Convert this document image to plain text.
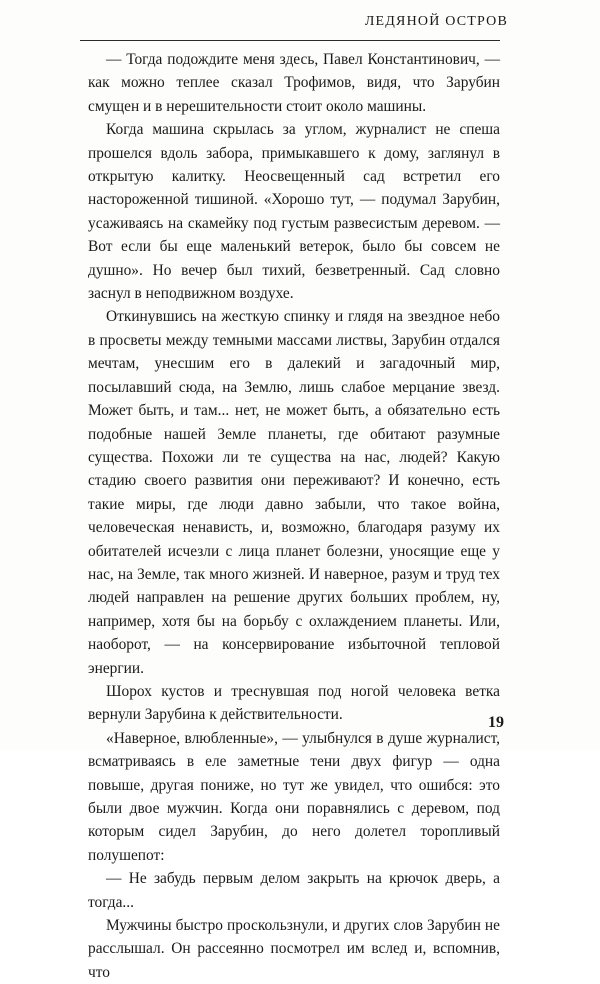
ЛЕДЯНОЙ ОСТРОВ

— Тогда подождите меня здесь, Павел Константинович, — как можно теплее сказал Трофимов, видя, что Зарубин смущен и в нерешительности стоит около машины.

Когда машина скрылась за углом, журналист не спеша прошелся вдоль забора, примыкавшего к дому, заглянул в открытую калитку. Неосвещенный сад встретил его настороженной тишиной. «Хорошо тут, — подумал Зарубин, усаживаясь на скамейку под густым развесистым деревом. — Вот если бы еще маленький ветерок, было бы совсем не душно». Но вечер был тихий, безветренный. Сад словно заснул в неподвижном воздухе.

Откинувшись на жесткую спинку и глядя на звездное небо в просветы между темными массами листвы, Зарубин отдался мечтам, унесшим его в далекий и загадочный мир, посылавший сюда, на Землю, лишь слабое мерцание звезд. Может быть, и там... нет, не может быть, а обязательно есть подобные нашей Земле планеты, где обитают разумные существа. Похожи ли те существа на нас, людей? Какую стадию своего развития они переживают? И конечно, есть такие миры, где люди давно забыли, что такое война, человеческая ненависть, и, возможно, благодаря разуму их обитателей исчезли с лица планет болезни, уносящие еще у нас, на Земле, так много жизней. И наверное, разум и труд тех людей направлен на решение других больших проблем, ну, например, хотя бы на борьбу с охлаждением планеты. Или, наоборот, — на консервирование избыточной тепловой энергии.

Шорох кустов и треснувшая под ногой человека ветка вернули Зарубина к действительности.

«Наверное, влюбленные», — улыбнулся в душе журналист, всматриваясь в еле заметные тени двух фигур — одна повыше, другая пониже, но тут же увидел, что ошибся: это были двое мужчин. Когда они поравнялись с деревом, под которым сидел Зарубин, до него долетел торопливый полушепот:

— Не забудь первым делом закрыть на крючок дверь, а тогда...

Мужчины быстро проскользнули, и других слов Зарубин не расслышал. Он рассеянно посмотрел им вслед и, вспомнив, что

19
